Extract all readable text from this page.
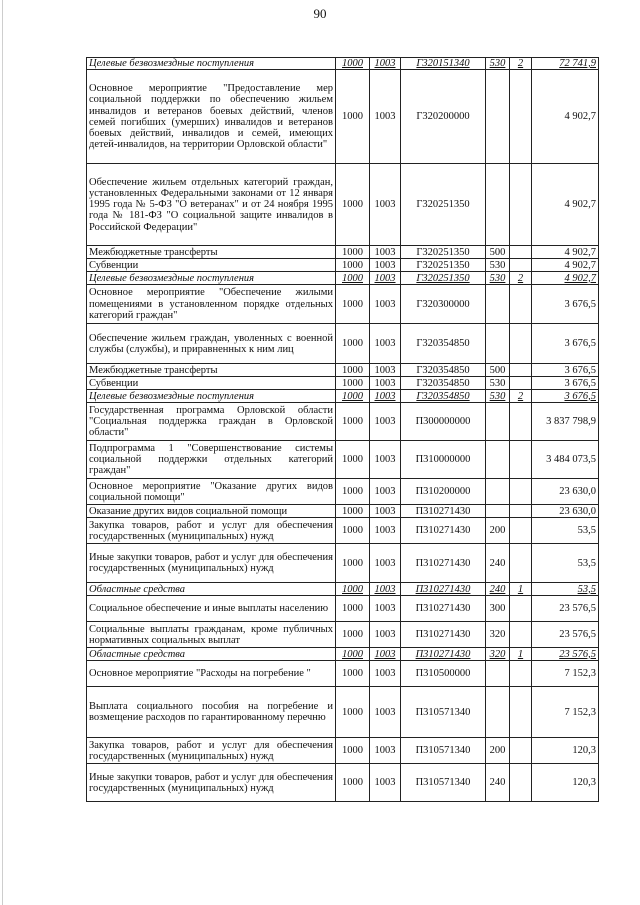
90
Целевые безвозмездные поступления	1000	1003	Г320151340	530	2	72 741,9
Основное мероприятие "Предоставление мер социальной поддержки по обеспечению жильем инвалидов и ветеранов боевых действий, членов семей погибших (умерших) инвалидов и ветеранов боевых действий, инвалидов и семей, имеющих детей-инвалидов, на территории Орловской области"	1000	1003	Г320200000			4 902,7
Обеспечение жильем отдельных категорий граждан, установленных Федеральными законами от 12 января 1995 года № 5-ФЗ "О ветеранах" и от 24 ноября 1995 года № 181-ФЗ "О социальной защите инвалидов в Российской Федерации"	1000	1003	Г320251350			4 902,7
Межбюджетные трансферты	1000	1003	Г320251350	500		4 902,7
Субвенции	1000	1003	Г320251350	530		4 902,7
Целевые безвозмездные поступления	1000	1003	Г320251350	530	2	4 902,7
Основное мероприятие "Обеспечение жилыми помещениями в установленном порядке отдельных категорий граждан"	1000	1003	Г320300000			3 676,5
Обеспечение жильем граждан, уволенных с военной службы (службы), и приравненных к ним лиц	1000	1003	Г320354850			3 676,5
Межбюджетные трансферты	1000	1003	Г320354850	500		3 676,5
Субвенции	1000	1003	Г320354850	530		3 676,5
Целевые безвозмездные поступления	1000	1003	Г320354850	530	2	3 676,5
Государственная программа Орловской области "Социальная поддержка граждан в Орловской области"	1000	1003	П300000000			3 837 798,9
Подпрограмма 1 "Совершенствование системы социальной поддержки отдельных категорий граждан"	1000	1003	П310000000			3 484 073,5
Основное мероприятие "Оказание других видов социальной помощи"	1000	1003	П310200000			23 630,0
Оказание других видов социальной помощи	1000	1003	П310271430			23 630,0
Закупка товаров, работ и услуг для обеспечения государственных (муниципальных) нужд	1000	1003	П310271430	200		53,5
Иные закупки товаров, работ и услуг для обеспечения государственных (муниципальных) нужд	1000	1003	П310271430	240		53,5
Областные средства	1000	1003	П310271430	240	1	53,5
Социальное обеспечение и иные выплаты населению	1000	1003	П310271430	300		23 576,5
Социальные выплаты гражданам, кроме публичных нормативных социальных выплат	1000	1003	П310271430	320		23 576,5
Областные средства	1000	1003	П310271430	320	1	23 576,5
Основное мероприятие "Расходы на погребение "	1000	1003	П310500000			7 152,3
Выплата социального пособия на погребение и возмещение расходов по гарантированному перечню	1000	1003	П310571340			7 152,3
Закупка товаров, работ и услуг для обеспечения государственных (муниципальных) нужд	1000	1003	П310571340	200		120,3
Иные закупки товаров, работ и услуг для обеспечения государственных (муниципальных) нужд	1000	1003	П310571340	240		120,3
